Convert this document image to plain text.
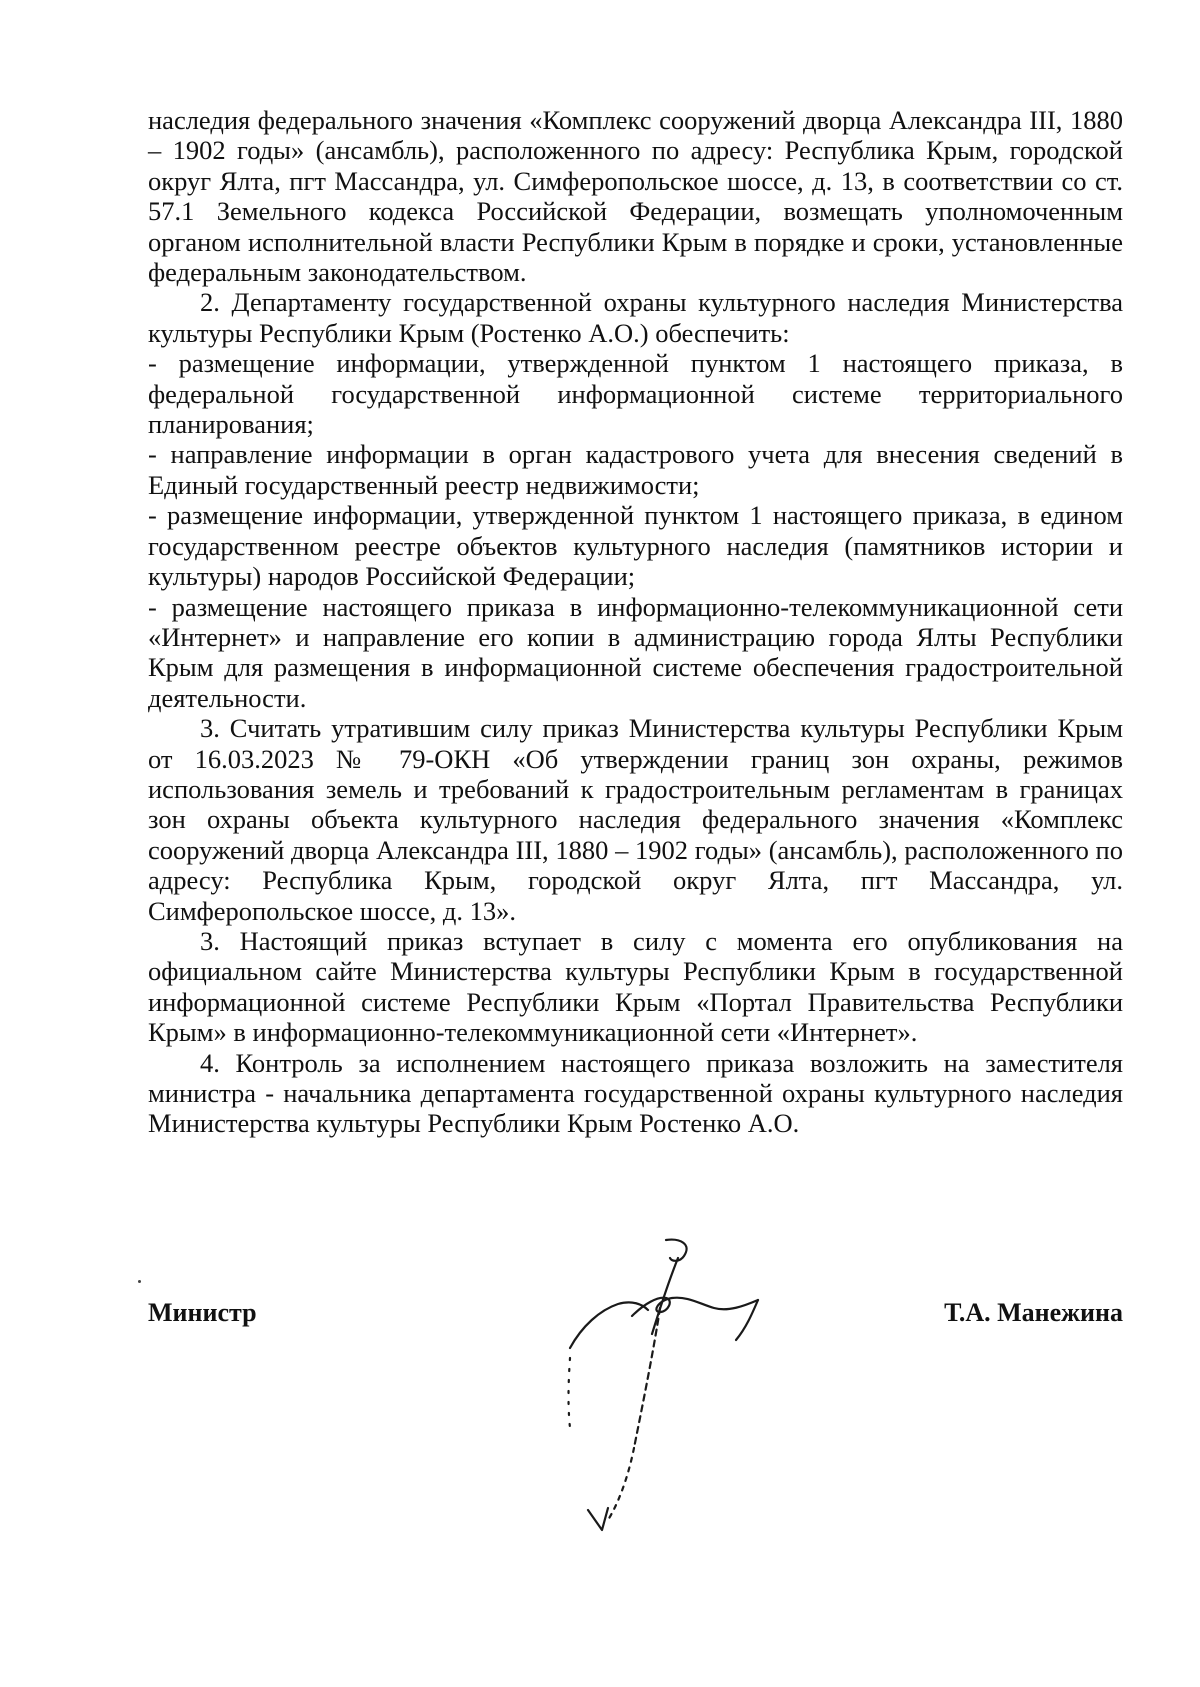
наследия федерального значения «Комплекс сооружений дворца Александра III, 1880 – 1902 годы» (ансамбль), расположенного по адресу: Республика Крым, городской округ Ялта, пгт Массандра, ул. Симферопольское шоссе, д. 13, в соответствии со ст. 57.1 Земельного кодекса Российской Федерации, возмещать уполномоченным органом исполнительной власти Республики Крым в порядке и сроки, установленные федеральным законодательством.

2. Департаменту государственной охраны культурного наследия Министерства культуры Республики Крым (Ростенко А.О.) обеспечить:

- размещение информации, утвержденной пунктом 1 настоящего приказа, в федеральной государственной информационной системе территориального планирования;

- направление информации в орган кадастрового учета для внесения сведений в Единый государственный реестр недвижимости;

- размещение информации, утвержденной пунктом 1 настоящего приказа, в едином государственном реестре объектов культурного наследия (памятников истории и культуры) народов Российской Федерации;

- размещение настоящего приказа в информационно-телекоммуникационной сети «Интернет» и направление его копии в администрацию города Ялты Республики Крым для размещения в информационной системе обеспечения градостроительной деятельности.

3. Считать утратившим силу приказ Министерства культуры Республики Крым от 16.03.2023 № 79-ОКН «Об утверждении границ зон охраны, режимов использования земель и требований к градостроительным регламентам в границах зон охраны объекта культурного наследия федерального значения «Комплекс сооружений дворца Александра III, 1880 – 1902 годы» (ансамбль), расположенного по адресу: Республика Крым, городской округ Ялта, пгт Массандра, ул. Симферопольское шоссе, д. 13».

3. Настоящий приказ вступает в силу с момента его опубликования на официальном сайте Министерства культуры Республики Крым в государственной информационной системе Республики Крым «Портал Правительства Республики Крым» в информационно-телекоммуникационной сети «Интернет».

4. Контроль за исполнением настоящего приказа возложить на заместителя министра - начальника департамента государственной охраны культурного наследия Министерства культуры Республики Крым Ростенко А.О.

Министр	Т.А. Манежина
